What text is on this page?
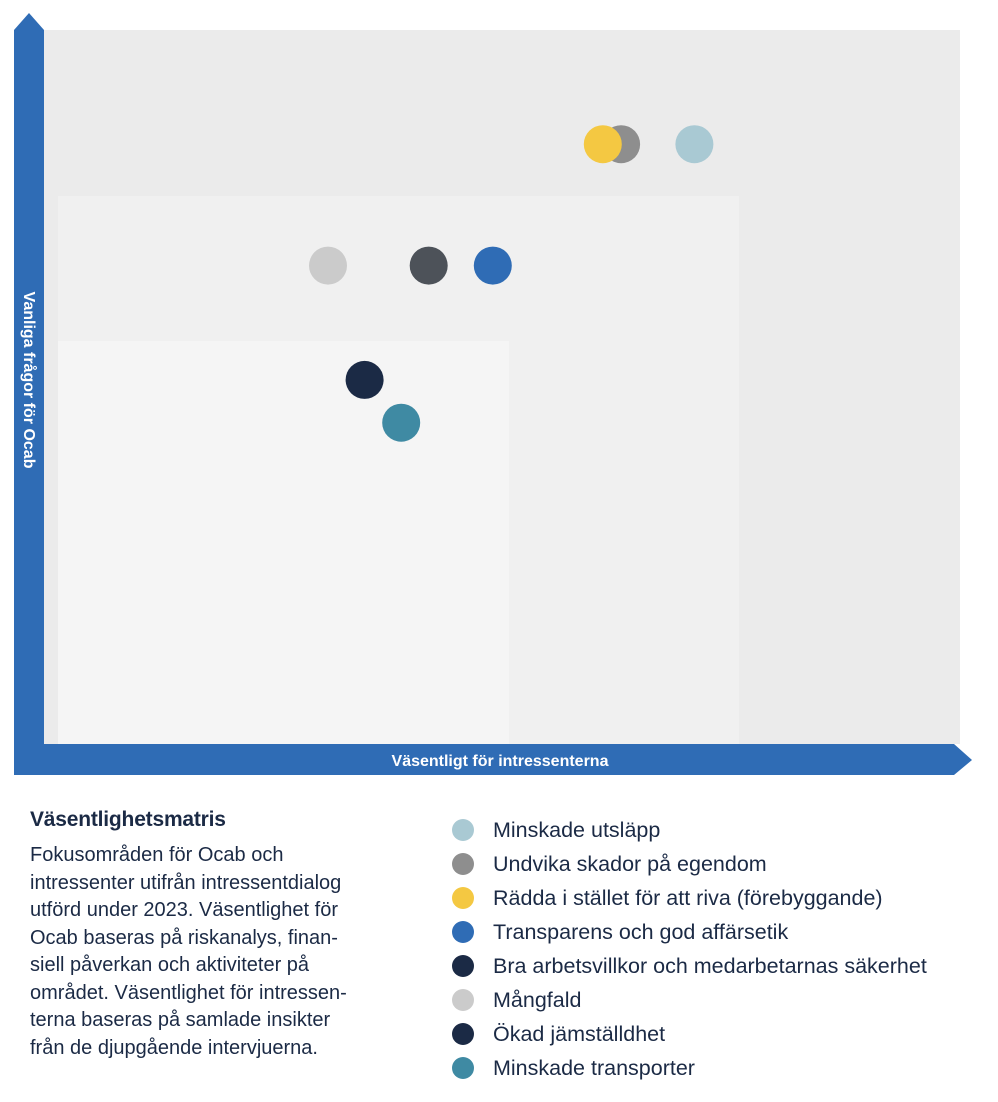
Väsentligt för intressenterna
Vanliga frågor för Ocab
Väsentlighetsmatris

Fokusområden för Ocab och
intressenter utifrån intressentdialog
utförd under 2023. Väsentlighet för
Ocab baseras på riskanalys, finan-
siell påverkan och aktiviteter på
området. Väsentlighet för intressen-
terna baseras på samlade insikter
från de djupgående intervjuerna.

Minskade utsläpp
Undvika skador på egendom
Rädda i stället för att riva (förebyggande)
Transparens och god affärsetik
Bra arbetsvillkor och medarbetarnas säkerhet
Mångfald
Ökad jämställdhet
Minskade transporter
